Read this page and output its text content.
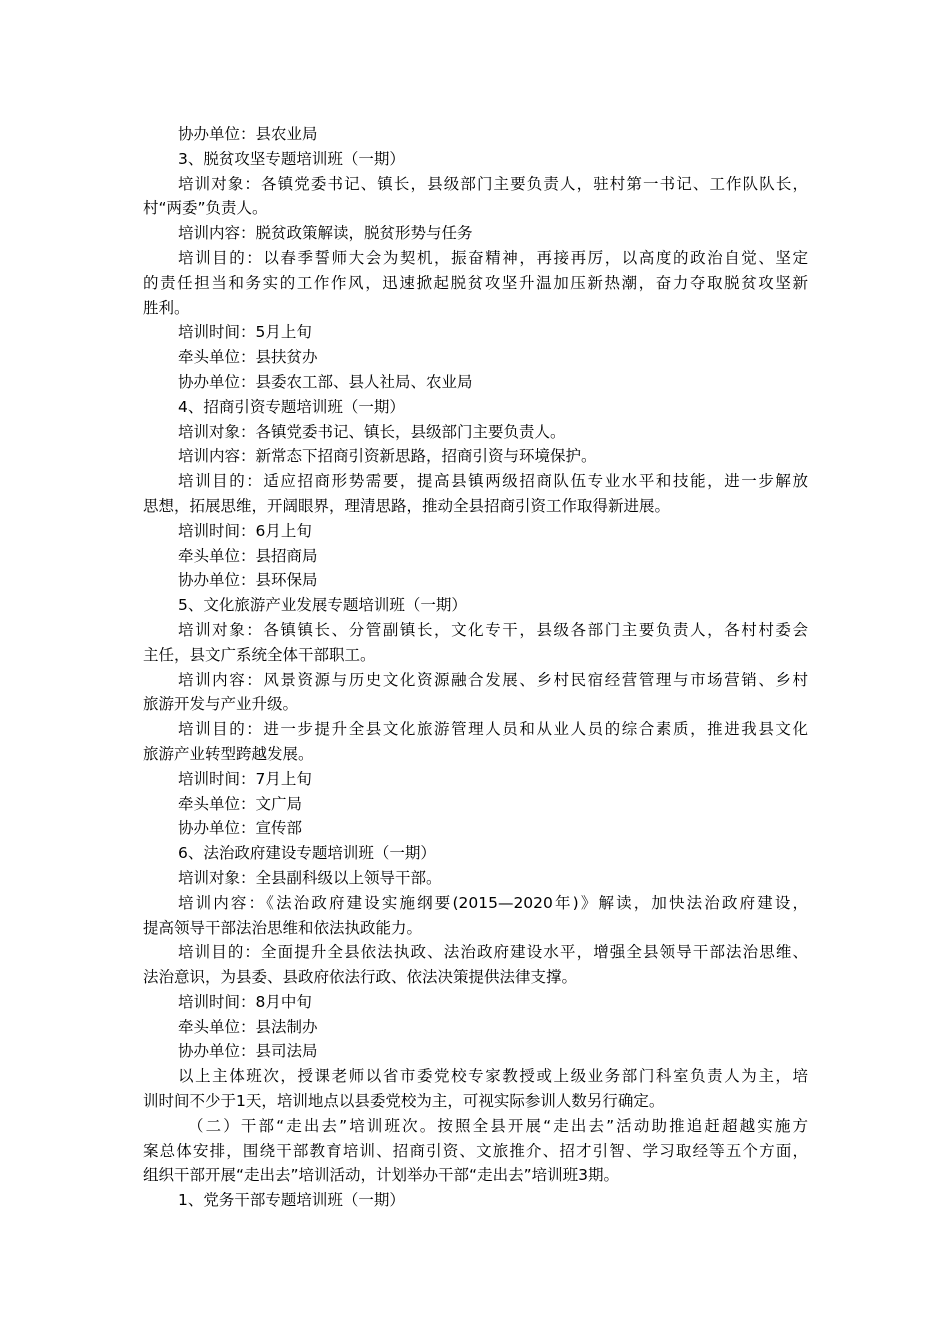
协办单位：县农业局
3、脱贫攻坚专题培训班（一期）
培训对象：各镇党委书记、镇长，县级部门主要负责人，驻村第一书记、工作队队长，
村“两委”负责人。
培训内容：脱贫政策解读，脱贫形势与任务
培训目的：以春季誓师大会为契机，振奋精神，再接再厉，以高度的政治自觉、坚定
的责任担当和务实的工作作风，迅速掀起脱贫攻坚升温加压新热潮，奋力夺取脱贫攻坚新
胜利。
培训时间：5月上旬
牵头单位：县扶贫办
协办单位：县委农工部、县人社局、农业局
4、招商引资专题培训班（一期）
培训对象：各镇党委书记、镇长，县级部门主要负责人。
培训内容：新常态下招商引资新思路，招商引资与环境保护。
培训目的：适应招商形势需要，提高县镇两级招商队伍专业水平和技能，进一步解放
思想，拓展思维，开阔眼界，理清思路，推动全县招商引资工作取得新进展。
培训时间：6月上旬
牵头单位：县招商局
协办单位：县环保局
5、文化旅游产业发展专题培训班（一期）
培训对象：各镇镇长、分管副镇长，文化专干，县级各部门主要负责人，各村村委会
主任，县文广系统全体干部职工。
培训内容：风景资源与历史文化资源融合发展、乡村民宿经营管理与市场营销、乡村
旅游开发与产业升级。
培训目的：进一步提升全县文化旅游管理人员和从业人员的综合素质，推进我县文化
旅游产业转型跨越发展。
培训时间：7月上旬
牵头单位：文广局
协办单位：宣传部
6、法治政府建设专题培训班（一期）
培训对象：全县副科级以上领导干部。
培训内容：《法治政府建设实施纲要(2015—2020年)》解读，加快法治政府建设，
提高领导干部法治思维和依法执政能力。
培训目的：全面提升全县依法执政、法治政府建设水平，增强全县领导干部法治思维、
法治意识，为县委、县政府依法行政、依法决策提供法律支撑。
培训时间：8月中旬
牵头单位：县法制办
协办单位：县司法局
以上主体班次，授课老师以省市委党校专家教授或上级业务部门科室负责人为主，培
训时间不少于1天，培训地点以县委党校为主，可视实际参训人数另行确定。
（二）干部“走出去”培训班次。按照全县开展“走出去”活动助推追赶超越实施方
案总体安排，围绕干部教育培训、招商引资、文旅推介、招才引智、学习取经等五个方面，
组织干部开展“走出去”培训活动，计划举办干部“走出去”培训班3期。
1、党务干部专题培训班（一期）
